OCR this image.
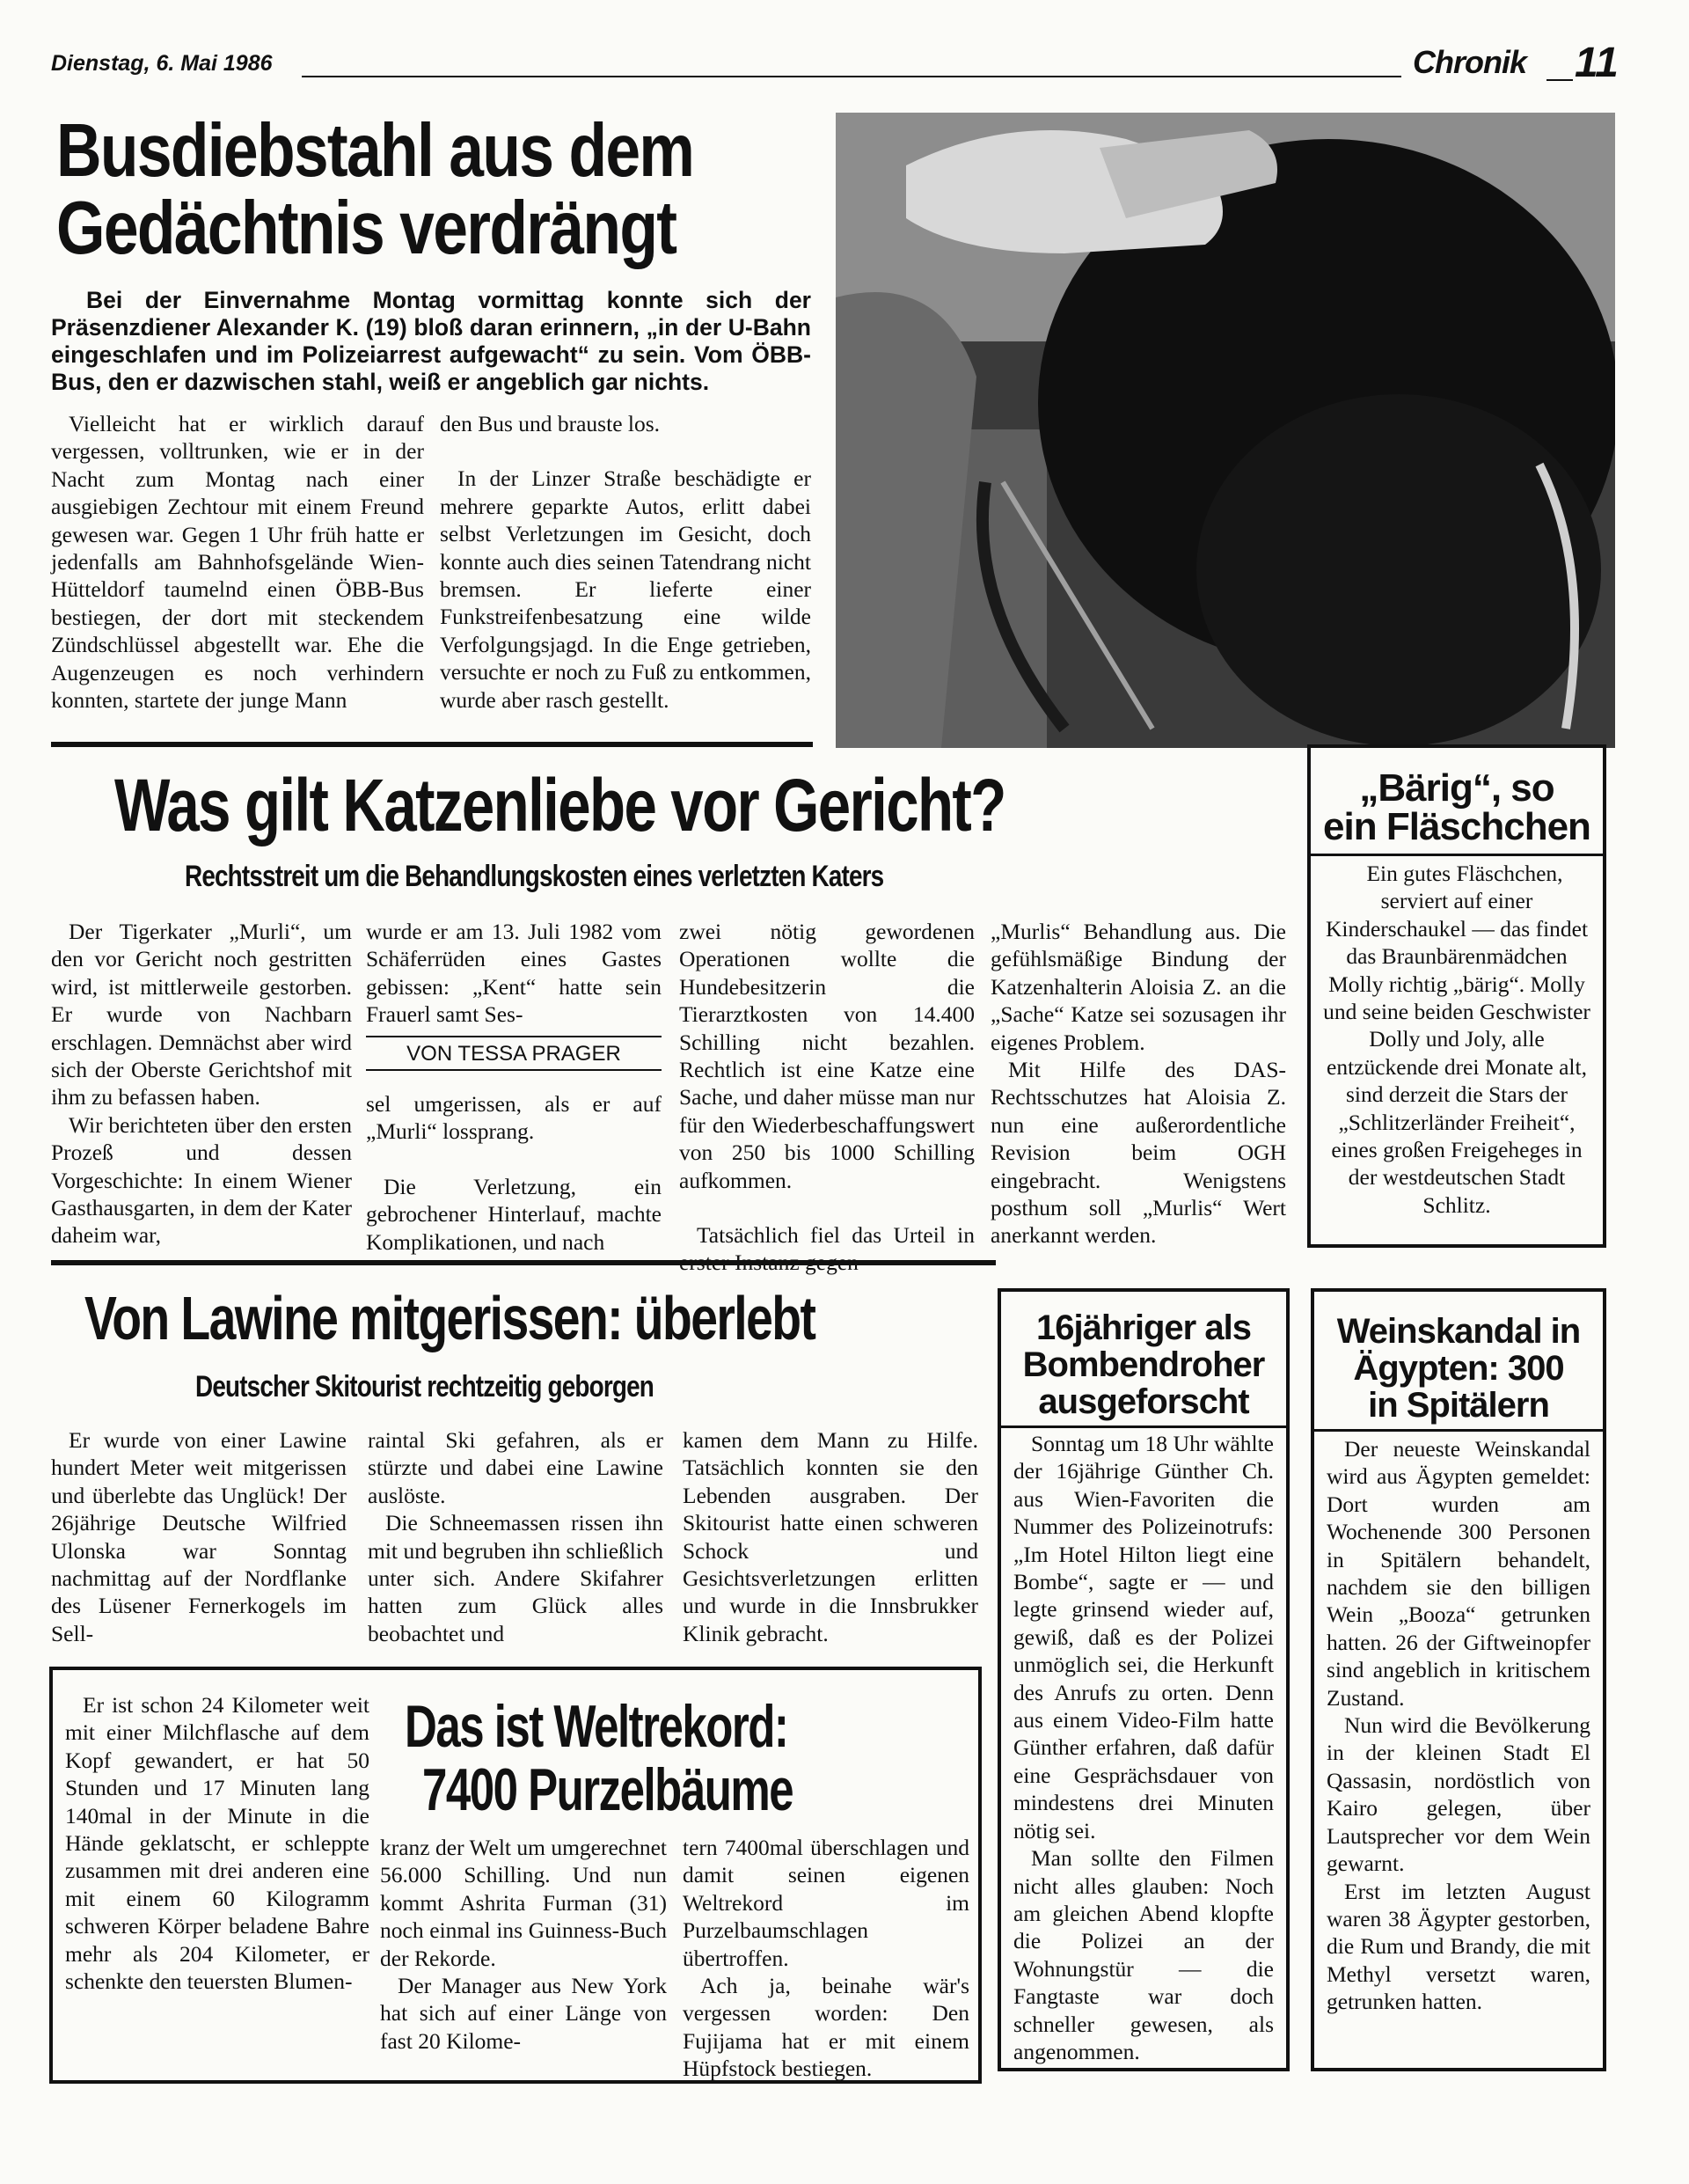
Dienstag, 6. Mai 1986	Chronik 11
Busdiebstahl aus dem
Gedächtnis verdrängt

Bei der Einvernahme Montag vormittag konnte sich der Präsenzdiener Alexander K. (19) bloß daran erinnern, „in der U-Bahn eingeschlafen und im Polizeiarrest aufgewacht“ zu sein. Vom ÖBB-Bus, den er dazwischen stahl, weiß er angeblich gar nichts.

Vielleicht hat er wirklich darauf vergessen, volltrunken, wie er in der Nacht zum Montag nach einer ausgiebigen Zechtour mit einem Freund gewesen war. Gegen 1 Uhr früh hatte er jedenfalls am Bahnhofsgelände Wien-Hütteldorf taumelnd einen ÖBB-Bus bestiegen, der dort mit steckendem Zündschlüssel abgestellt war. Ehe die Augenzeugen es noch verhindern konnten, startete der junge Mann

den Bus und brauste los.

In der Linzer Straße beschädigte er mehrere geparkte Autos, erlitt dabei selbst Verletzungen im Gesicht, doch konnte auch dies seinen Tatendrang nicht bremsen. Er lieferte einer Funkstreifenbesatzung eine wilde Verfolgungsjagd. In die Enge getrieben, versuchte er noch zu Fuß zu entkommen, wurde aber rasch gestellt.

Was gilt Katzenliebe vor Gericht?
Rechtsstreit um die Behandlungskosten eines verletzten Katers

Der Tigerkater „Murli“, um den vor Gericht noch gestritten wird, ist mittlerweile gestorben. Er wurde von Nachbarn erschlagen. Demnächst aber wird sich der Oberste Gerichtshof mit ihm zu befassen haben.

Wir berichteten über den ersten Prozeß und dessen Vorgeschichte: In einem Wiener Gasthausgarten, in dem der Kater daheim war,

wurde er am 13. Juli 1982 vom Schäferrüden eines Gastes gebissen: „Kent“ hatte sein Frauerl samt Ses-

VON TESSA PRAGER

sel umgerissen, als er auf „Murli“ lossprang.

Die Verletzung, ein gebrochener Hinterlauf, machte Komplikationen, und nach

zwei nötig gewordenen Operationen wollte die Hundebesitzerin die Tierarztkosten von 14.400 Schilling nicht bezahlen. Rechtlich ist eine Katze eine Sache, und daher müsse man nur für den Wiederbeschaffungswert von 250 bis 1000 Schilling aufkommen.

Tatsächlich fiel das Urteil in

„Murlis“ Behandlung aus. Die gefühlsmäßige Bindung der Katzenhalterin Aloisia Z. an die „Sache“ Katze sei sozusagen ihr eigenes Problem.

Mit Hilfe des DAS-Rechtsschutzes hat Aloisia Z. nun eine außerordentliche Revision beim OGH eingebracht. Wenigstens posthum soll „Murlis“ Wert anerkannt werden.

„Bärig“, so
ein Fläschchen

Ein gutes Fläschchen, serviert auf einer Kinderschaukel — das findet das Braunbärenmädchen Molly richtig „bärig“. Molly und seine beiden Geschwister Dolly und Joly, alle entzückende drei Monate alt, sind derzeit die Stars der „Schlitzerländer Freiheit“, eines großen Freigeheges in der westdeutschen Stadt Schlitz.

Von Lawine mitgerissen: überlebt
Deutscher Skitourist rechtzeitig geborgen

Er wurde von einer Lawine hundert Meter weit mitgerissen und überlebte das Unglück! Der 26jährige Deutsche Wilfried Ulonska war Sonntag nachmittag auf der Nordflanke des Lüsener Fernerkogels im Sell-

raintal Ski gefahren, als er stürzte und dabei eine Lawine auslöste.

Die Schneemassen rissen ihn mit und begruben ihn schließlich unter sich. Andere Skifahrer hatten zum Glück alles beobachtet und

kamen dem Mann zu Hilfe. Tatsächlich konnten sie den Lebenden ausgraben. Der Skitourist hatte einen schweren Schock und Gesichtsverletzungen erlitten und wurde in die Innsbrukker Klinik gebracht.

16jähriger als
Bombendroher
ausgeforscht

Sonntag um 18 Uhr wählte der 16jährige Günther Ch. aus Wien-Favoriten die Nummer des Polizeinotrufs: „Im Hotel Hilton liegt eine Bombe“, sagte er — und legte grinsend wieder auf, gewiß, daß es der Polizei unmöglich sei, die Herkunft des Anrufs zu orten. Denn aus einem Video-Film hatte Günther erfahren, daß dafür eine Gesprächsdauer von mindestens drei Minuten nötig sei.

Man sollte den Filmen nicht alles glauben: Noch am gleichen Abend klopfte die Polizei an der Wohnungstür — die Fangtaste war doch schneller gewesen, als angenommen.

Weinskandal in
Ägypten: 300
in Spitälern

Der neueste Weinskandal wird aus Ägypten gemeldet: Dort wurden am Wochenende 300 Personen in Spitälern behandelt, nachdem sie den billigen Wein „Booza“ getrunken hatten. 26 der Giftweinopfer sind angeblich in kritischem Zustand.

Nun wird die Bevölkerung in der kleinen Stadt El Qassasin, nordöstlich von Kairo gelegen, über Lautsprecher vor dem Wein gewarnt.

Erst im letzten August waren 38 Ägypter gestorben, die Rum und Brandy, die mit Methyl versetzt waren, getrunken hatten.

Er ist schon 24 Kilometer weit mit einer Milchflasche auf dem Kopf gewandert, er hat 50 Stunden und 17 Minuten lang 140mal in der Minute in die Hände geklatscht, er schleppte zusammen mit drei anderen eine mit einem 60 Kilogramm schweren Körper beladene Bahre mehr als 204 Kilometer, er schenkte den teuersten Blumen-

Das ist Weltrekord:
7400 Purzelbäume

kranz der Welt um umgerechnet 56.000 Schilling. Und nun kommt Ashrita Furman (31) noch einmal ins Guinness-Buch der Rekorde.

Der Manager aus New York hat sich auf einer Länge von fast 20 Kilome-

tern 7400mal überschlagen und damit seinen eigenen Weltrekord im Purzelbaumschlagen übertroffen.

Ach ja, beinahe wär's vergessen worden: Den Fujijama hat er mit einem Hüpfstock bestiegen.
